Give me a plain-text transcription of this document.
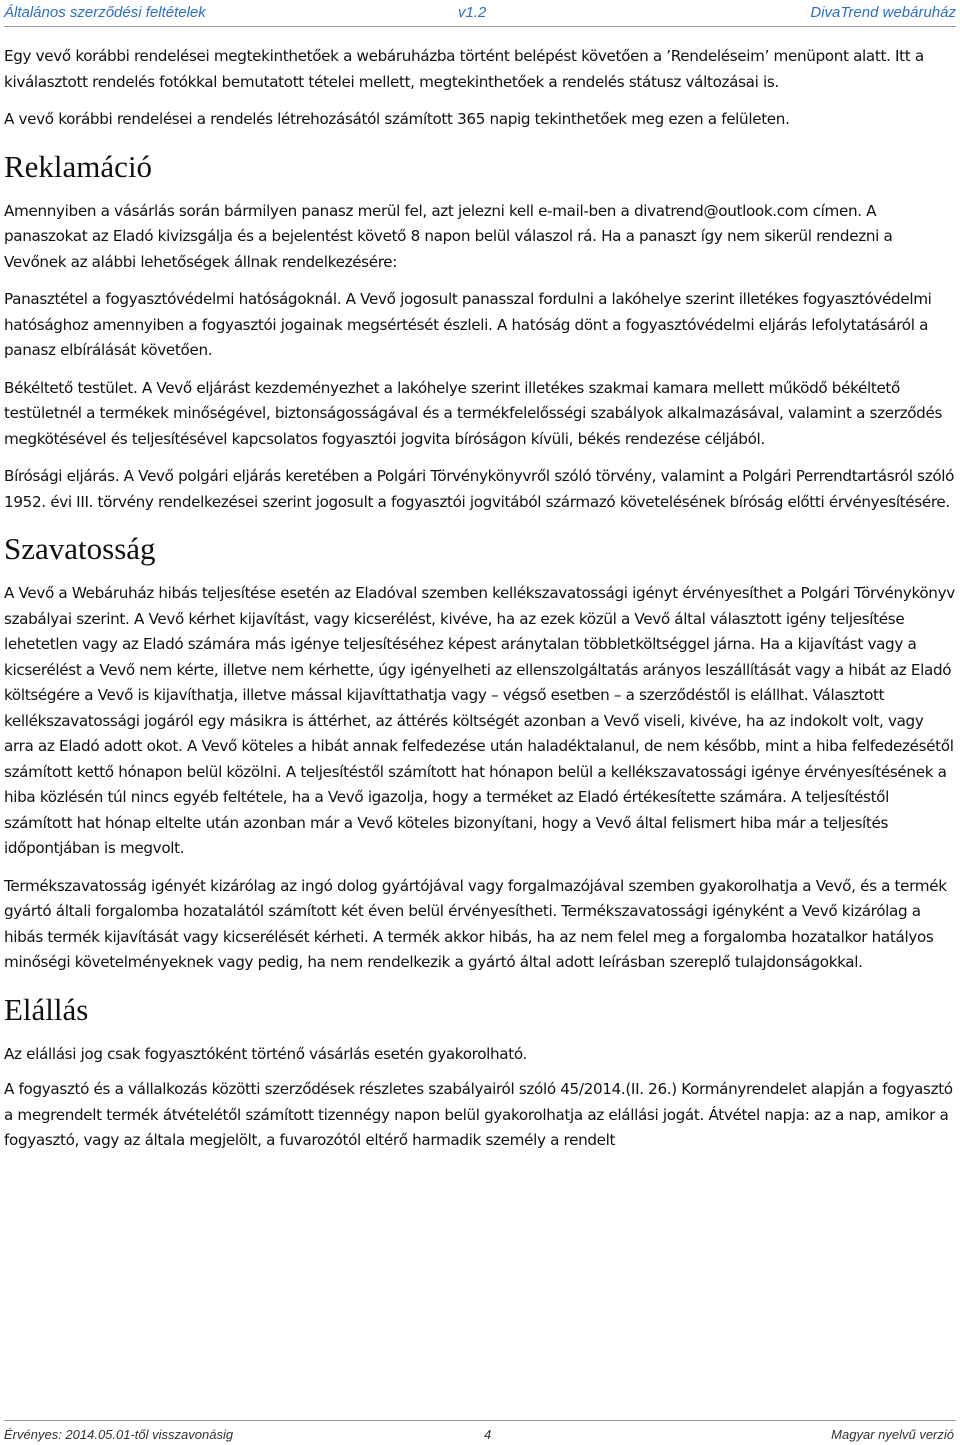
Általános szerződési feltételek	v1.2	DivaTrend webáruház

Egy vevő korábbi rendelései megtekinthetőek a webáruházba történt belépést követően a ’Rendeléseim’ menüpont alatt. Itt a kiválasztott rendelés fotókkal bemutatott tételei mellett, megtekinthetőek a rendelés státusz változásai is.

A vevő korábbi rendelései a rendelés létrehozásától számított 365 napig tekinthetőek meg ezen a felületen.

Reklamáció

Amennyiben a vásárlás során bármilyen panasz merül fel, azt jelezni kell e-mail-ben a divatrend@outlook.com címen. A panaszokat az Eladó kivizsgálja és a bejelentést követő 8 napon belül válaszol rá. Ha a panaszt így nem sikerül rendezni a Vevőnek az alábbi lehetőségek állnak rendelkezésére:

Panasztétel a fogyasztóvédelmi hatóságoknál. A Vevő jogosult panasszal fordulni a lakóhelye szerint illetékes fogyasztóvédelmi hatósághoz amennyiben a fogyasztói jogainak megsértését észleli. A hatóság dönt a fogyasztóvédelmi eljárás lefolytatásáról a panasz elbírálását követően.

Békéltető testület. A Vevő eljárást kezdeményezhet a lakóhelye szerint illetékes szakmai kamara mellett működő békéltető testületnél a termékek minőségével, biztonságosságával és a termékfelelősségi szabályok alkalmazásával, valamint a szerződés megkötésével és teljesítésével kapcsolatos fogyasztói jogvita bíróságon kívüli, békés rendezése céljából.

Bírósági eljárás. A Vevő polgári eljárás keretében a Polgári Törvénykönyvről szóló törvény, valamint a Polgári Perrendtartásról szóló 1952. évi III. törvény rendelkezései szerint jogosult a fogyasztói jogvitából származó követelésének bíróság előtti érvényesítésére.

Szavatosság

A Vevő a Webáruház hibás teljesítése esetén az Eladóval szemben kellékszavatossági igényt érvényesíthet a Polgári Törvénykönyv szabályai szerint. A Vevő kérhet kijavítást, vagy kicserélést, kivéve, ha az ezek közül a Vevő által választott igény teljesítése lehetetlen vagy az Eladó számára más igénye teljesítéséhez képest aránytalan többletköltséggel járna. Ha a kijavítást vagy a kicserélést a Vevő nem kérte, illetve nem kérhette, úgy igényelheti az ellenszolgáltatás arányos leszállítását vagy a hibát az Eladó költségére a Vevő is kijavíthatja, illetve mással kijavíttathatja vagy – végső esetben – a szerződéstől is elállhat. Választott kellékszavatossági jogáról egy másikra is áttérhet, az áttérés költségét azonban a Vevő viseli, kivéve, ha az indokolt volt, vagy arra az Eladó adott okot. A Vevő köteles a hibát annak felfedezése után haladéktalanul, de nem később, mint a hiba felfedezésétől számított kettő hónapon belül közölni. A teljesítéstől számított hat hónapon belül a kellékszavatossági igénye érvényesítésének a hiba közlésén túl nincs egyéb feltétele, ha a Vevő igazolja, hogy a terméket az Eladó értékesítette számára. A teljesítéstől számított hat hónap eltelte után azonban már a Vevő köteles bizonyítani, hogy a Vevő által felismert hiba már a teljesítés időpontjában is megvolt.

Termékszavatosság igényét kizárólag az ingó dolog gyártójával vagy forgalmazójával szemben gyakorolhatja a Vevő, és a termék gyártó általi forgalomba hozatalától számított két éven belül érvényesítheti. Termékszavatossági igényként a Vevő kizárólag a hibás termék kijavítását vagy kicserélését kérheti. A termék akkor hibás, ha az nem felel meg a forgalomba hozatalkor hatályos minőségi követelményeknek vagy pedig, ha nem rendelkezik a gyártó által adott leírásban szereplő tulajdonságokkal.

Elállás

Az elállási jog csak fogyasztóként történő vásárlás esetén gyakorolható.

A fogyasztó és a vállalkozás közötti szerződések részletes szabályairól szóló 45/2014.(II. 26.) Kormányrendelet alapján a fogyasztó a megrendelt termék átvételétől számított tizennégy napon belül gyakorolhatja az elállási jogát. Átvétel napja: az a nap, amikor a fogyasztó, vagy az általa megjelölt, a fuvarozótól eltérő harmadik személy a rendelt

Érvényes: 2014.05.01-től visszavonásig	4	Magyar nyelvű verzió
